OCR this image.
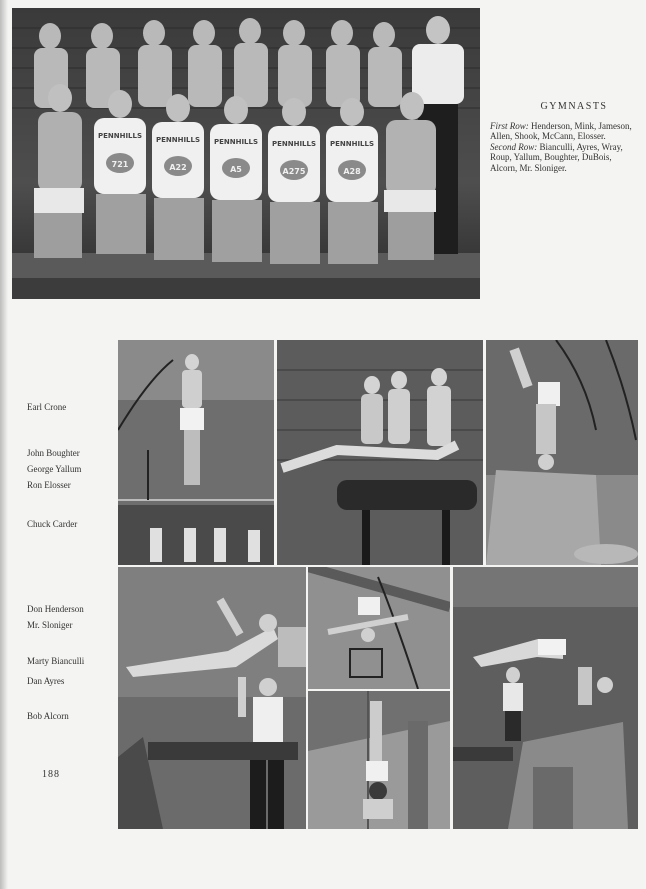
PENNHILLS
721
PENNHILLS
A22
PENNHILLS
A5
PENNHILLS
A275
PENNHILLS
A28
GYMNASTS
First Row: Henderson, Mink, Jameson, Allen, Shook, McCann, Elosser.
Second Row: Bianculli, Ayres, Wray, Roup, Yallum, Boughter, DuBois, Alcorn, Mr. Sloniger.
Earl Crone
John Boughter
George Yallum
Ron Elosser
Chuck Carder
Don Henderson
Mr. Sloniger
Marty Bianculli
Dan Ayres
Bob Alcorn
188
